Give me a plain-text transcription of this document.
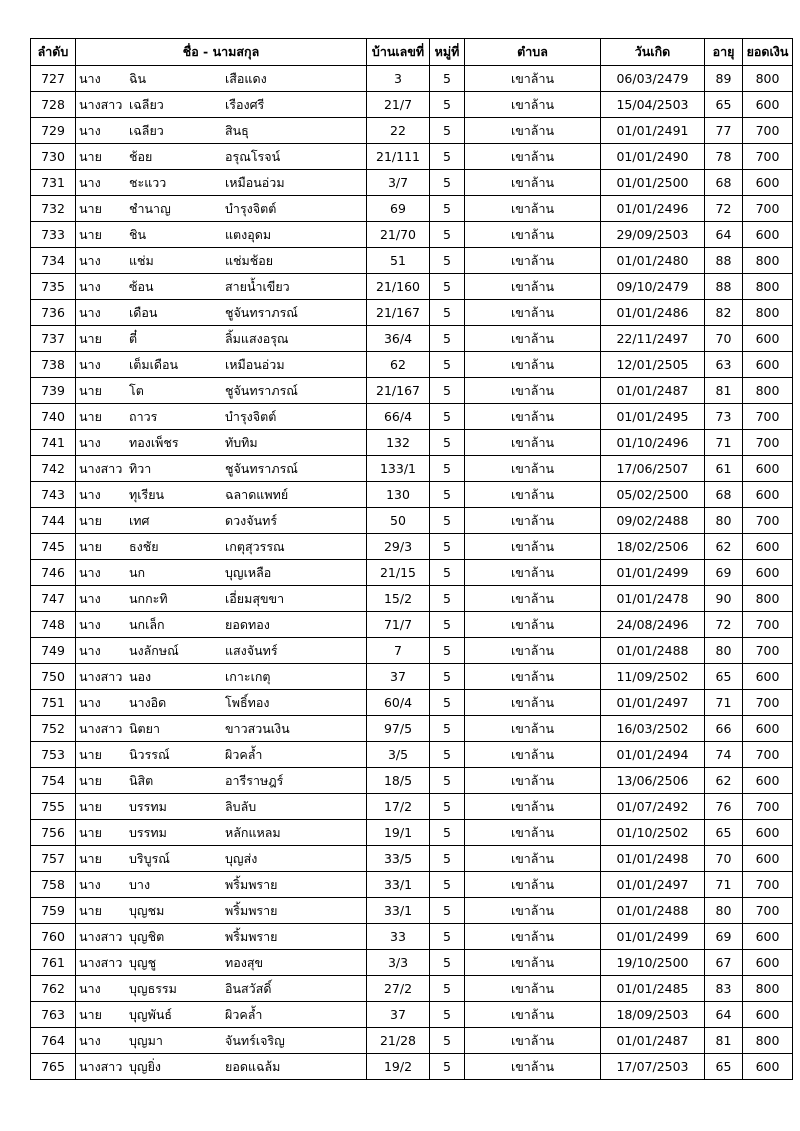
ลำดับ	ชื่อ - นามสกุล	บ้านเลขที่	หมู่ที่	ตำบล	วันเกิด	อายุ	ยอดเงิน
727	นาง ฉิน เสือแดง	3	5	เขาล้าน	06/03/2479	89	800
728	นางสาว เฉลียว เรืองศรี	21/7	5	เขาล้าน	15/04/2503	65	600
729	นาง เฉลียว สินธุ	22	5	เขาล้าน	01/01/2491	77	700
730	นาย ช้อย อรุณโรจน์	21/111	5	เขาล้าน	01/01/2490	78	700
731	นาง ชะแวว เหมือนอ่วม	3/7	5	เขาล้าน	01/01/2500	68	600
732	นาย ชำนาญ บำรุงจิตต์	69	5	เขาล้าน	01/01/2496	72	700
733	นาย ชิน แตงอุดม	21/70	5	เขาล้าน	29/09/2503	64	600
734	นาง แช่ม แช่มช้อย	51	5	เขาล้าน	01/01/2480	88	800
735	นาง ซ้อน สายน้ำเขียว	21/160	5	เขาล้าน	09/10/2479	88	800
736	นาง เดือน ชูจันทราภรณ์	21/167	5	เขาล้าน	01/01/2486	82	800
737	นาย ตี๋ ลิ้มแสงอรุณ	36/4	5	เขาล้าน	22/11/2497	70	600
738	นาง เต็มเดือน เหมือนอ่วม	62	5	เขาล้าน	12/01/2505	63	600
739	นาย โต ชูจันทราภรณ์	21/167	5	เขาล้าน	01/01/2487	81	800
740	นาย ถาวร บำรุงจิตต์	66/4	5	เขาล้าน	01/01/2495	73	700
741	นาง ทองเพ็ชร ทับทิม	132	5	เขาล้าน	01/10/2496	71	700
742	นางสาว ทิวา ชูจันทราภรณ์	133/1	5	เขาล้าน	17/06/2507	61	600
743	นาง ทุเรียน ฉลาดแพทย์	130	5	เขาล้าน	05/02/2500	68	600
744	นาย เทศ ดวงจันทร์	50	5	เขาล้าน	09/02/2488	80	700
745	นาย ธงชัย เกตุสุวรรณ	29/3	5	เขาล้าน	18/02/2506	62	600
746	นาง นก บุญเหลือ	21/15	5	เขาล้าน	01/01/2499	69	600
747	นาง นกกะทิ เอี่ยมสุขขา	15/2	5	เขาล้าน	01/01/2478	90	800
748	นาง นกเล็ก ยอดทอง	71/7	5	เขาล้าน	24/08/2496	72	700
749	นาง นงลักษณ์ แสงจันทร์	7	5	เขาล้าน	01/01/2488	80	700
750	นางสาว นอง เกาะเกตุ	37	5	เขาล้าน	11/09/2502	65	600
751	นาง นางอิด โพธิ์ทอง	60/4	5	เขาล้าน	01/01/2497	71	700
752	นางสาว นิตยา ขาวสวนเงิน	97/5	5	เขาล้าน	16/03/2502	66	600
753	นาย นิวรรณ์ ผิวคล้ำ	3/5	5	เขาล้าน	01/01/2494	74	700
754	นาย นิสิต อารีราษฎร์	18/5	5	เขาล้าน	13/06/2506	62	600
755	นาย บรรทม ลิบลับ	17/2	5	เขาล้าน	01/07/2492	76	700
756	นาย บรรทม หลักแหลม	19/1	5	เขาล้าน	01/10/2502	65	600
757	นาย บริบูรณ์ บุญส่ง	33/5	5	เขาล้าน	01/01/2498	70	600
758	นาง บาง พริ้มพราย	33/1	5	เขาล้าน	01/01/2497	71	700
759	นาย บุญชม พริ้มพราย	33/1	5	เขาล้าน	01/01/2488	80	700
760	นางสาว บุญชิต พริ้มพราย	33	5	เขาล้าน	01/01/2499	69	600
761	นางสาว บุญชู ทองสุข	3/3	5	เขาล้าน	19/10/2500	67	600
762	นาง บุญธรรม อินสวัสดิ์	27/2	5	เขาล้าน	01/01/2485	83	800
763	นาย บุญพันธ์ ผิวคล้ำ	37	5	เขาล้าน	18/09/2503	64	600
764	นาง บุญมา จันทร์เจริญ	21/28	5	เขาล้าน	01/01/2487	81	800
765	นางสาว บุญยิ่ง ยอดแฉล้ม	19/2	5	เขาล้าน	17/07/2503	65	600
